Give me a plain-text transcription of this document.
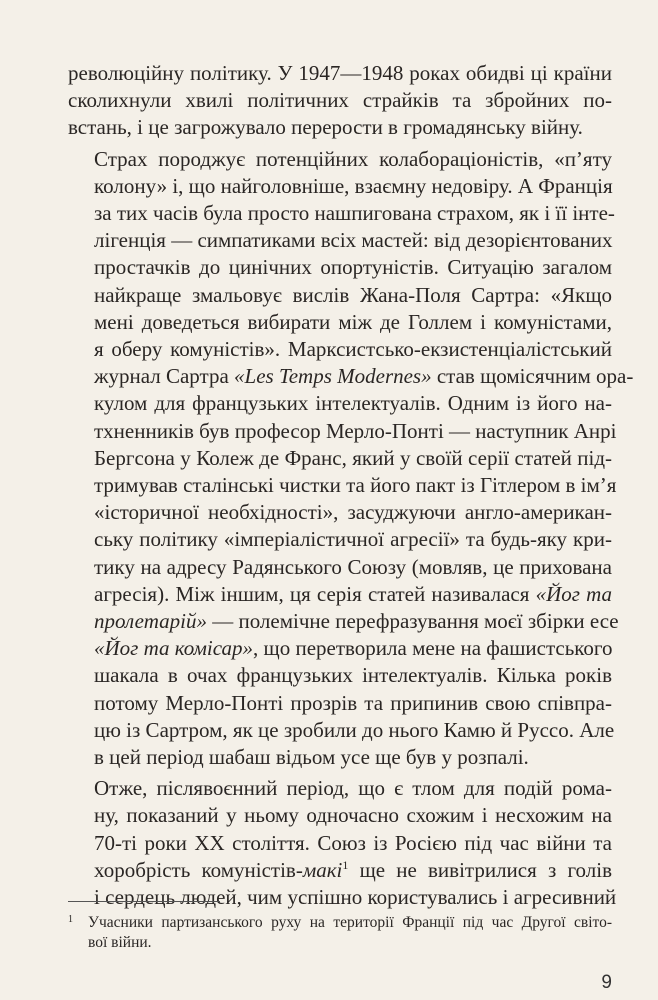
революційну політику. У 1947—1948 роках обидві ці країни
сколихнули хвилі політичних страйків та збройних по-
встань, і це загрожувало перерости в громадянську війну.

Страх породжує потенційних колабораціоністів, «п’яту
колону» і, що найголовніше, взаємну недовіру. А Франція
за тих часів була просто нашпигована страхом, як і її інте-
лігенція — симпатиками всіх мастей: від дезорієнтованих
простачків до цинічних опортуністів. Ситуацію загалом
найкраще змальовує вислів Жана-Поля Сартра: «Якщо
мені доведеться вибирати між де Голлем і комуністами,
я оберу комуністів». Марксистсько-екзистенціалістський
журнал Сартра «Les Temps Modernes» став щомісячним ора-
кулом для французьких інтелектуалів. Одним із його на-
тхненників був професор Мерло-Понті — наступник Анрі
Бергсона у Колеж де Франс, який у своїй серії статей під-
тримував сталінські чистки та його пакт із Гітлером в ім’я
«історичної необхідності», засуджуючи англо-американ-
ську політику «імперіалістичної агресії» та будь-яку кри-
тику на адресу Радянського Союзу (мовляв, це прихована
агресія). Між іншим, ця серія статей називалася «Йог та
пролетарій» — полемічне перефразування моєї збірки есе
«Йог та комісар», що перетворила мене на фашистського
шакала в очах французьких інтелектуалів. Кілька років
потому Мерло-Понті прозрів та припинив свою співпра-
цю із Сартром, як це зробили до нього Камю й Руссо. Але
в цей період шабаш відьом усе ще був у розпалі.

Отже, післявоєнний період, що є тлом для подій рома-
ну, показаний у ньому одночасно схожим і несхожим на
70-ті роки XX століття. Союз із Росією під час війни та
хоробрість комуністів-макі$^1$ ще не вивітрилися з голів
і сердець людей, чим успішно користувались і агресивний

1 Учасники партизанського руху на території Франції під час Другої світо-
вої війни.
9
